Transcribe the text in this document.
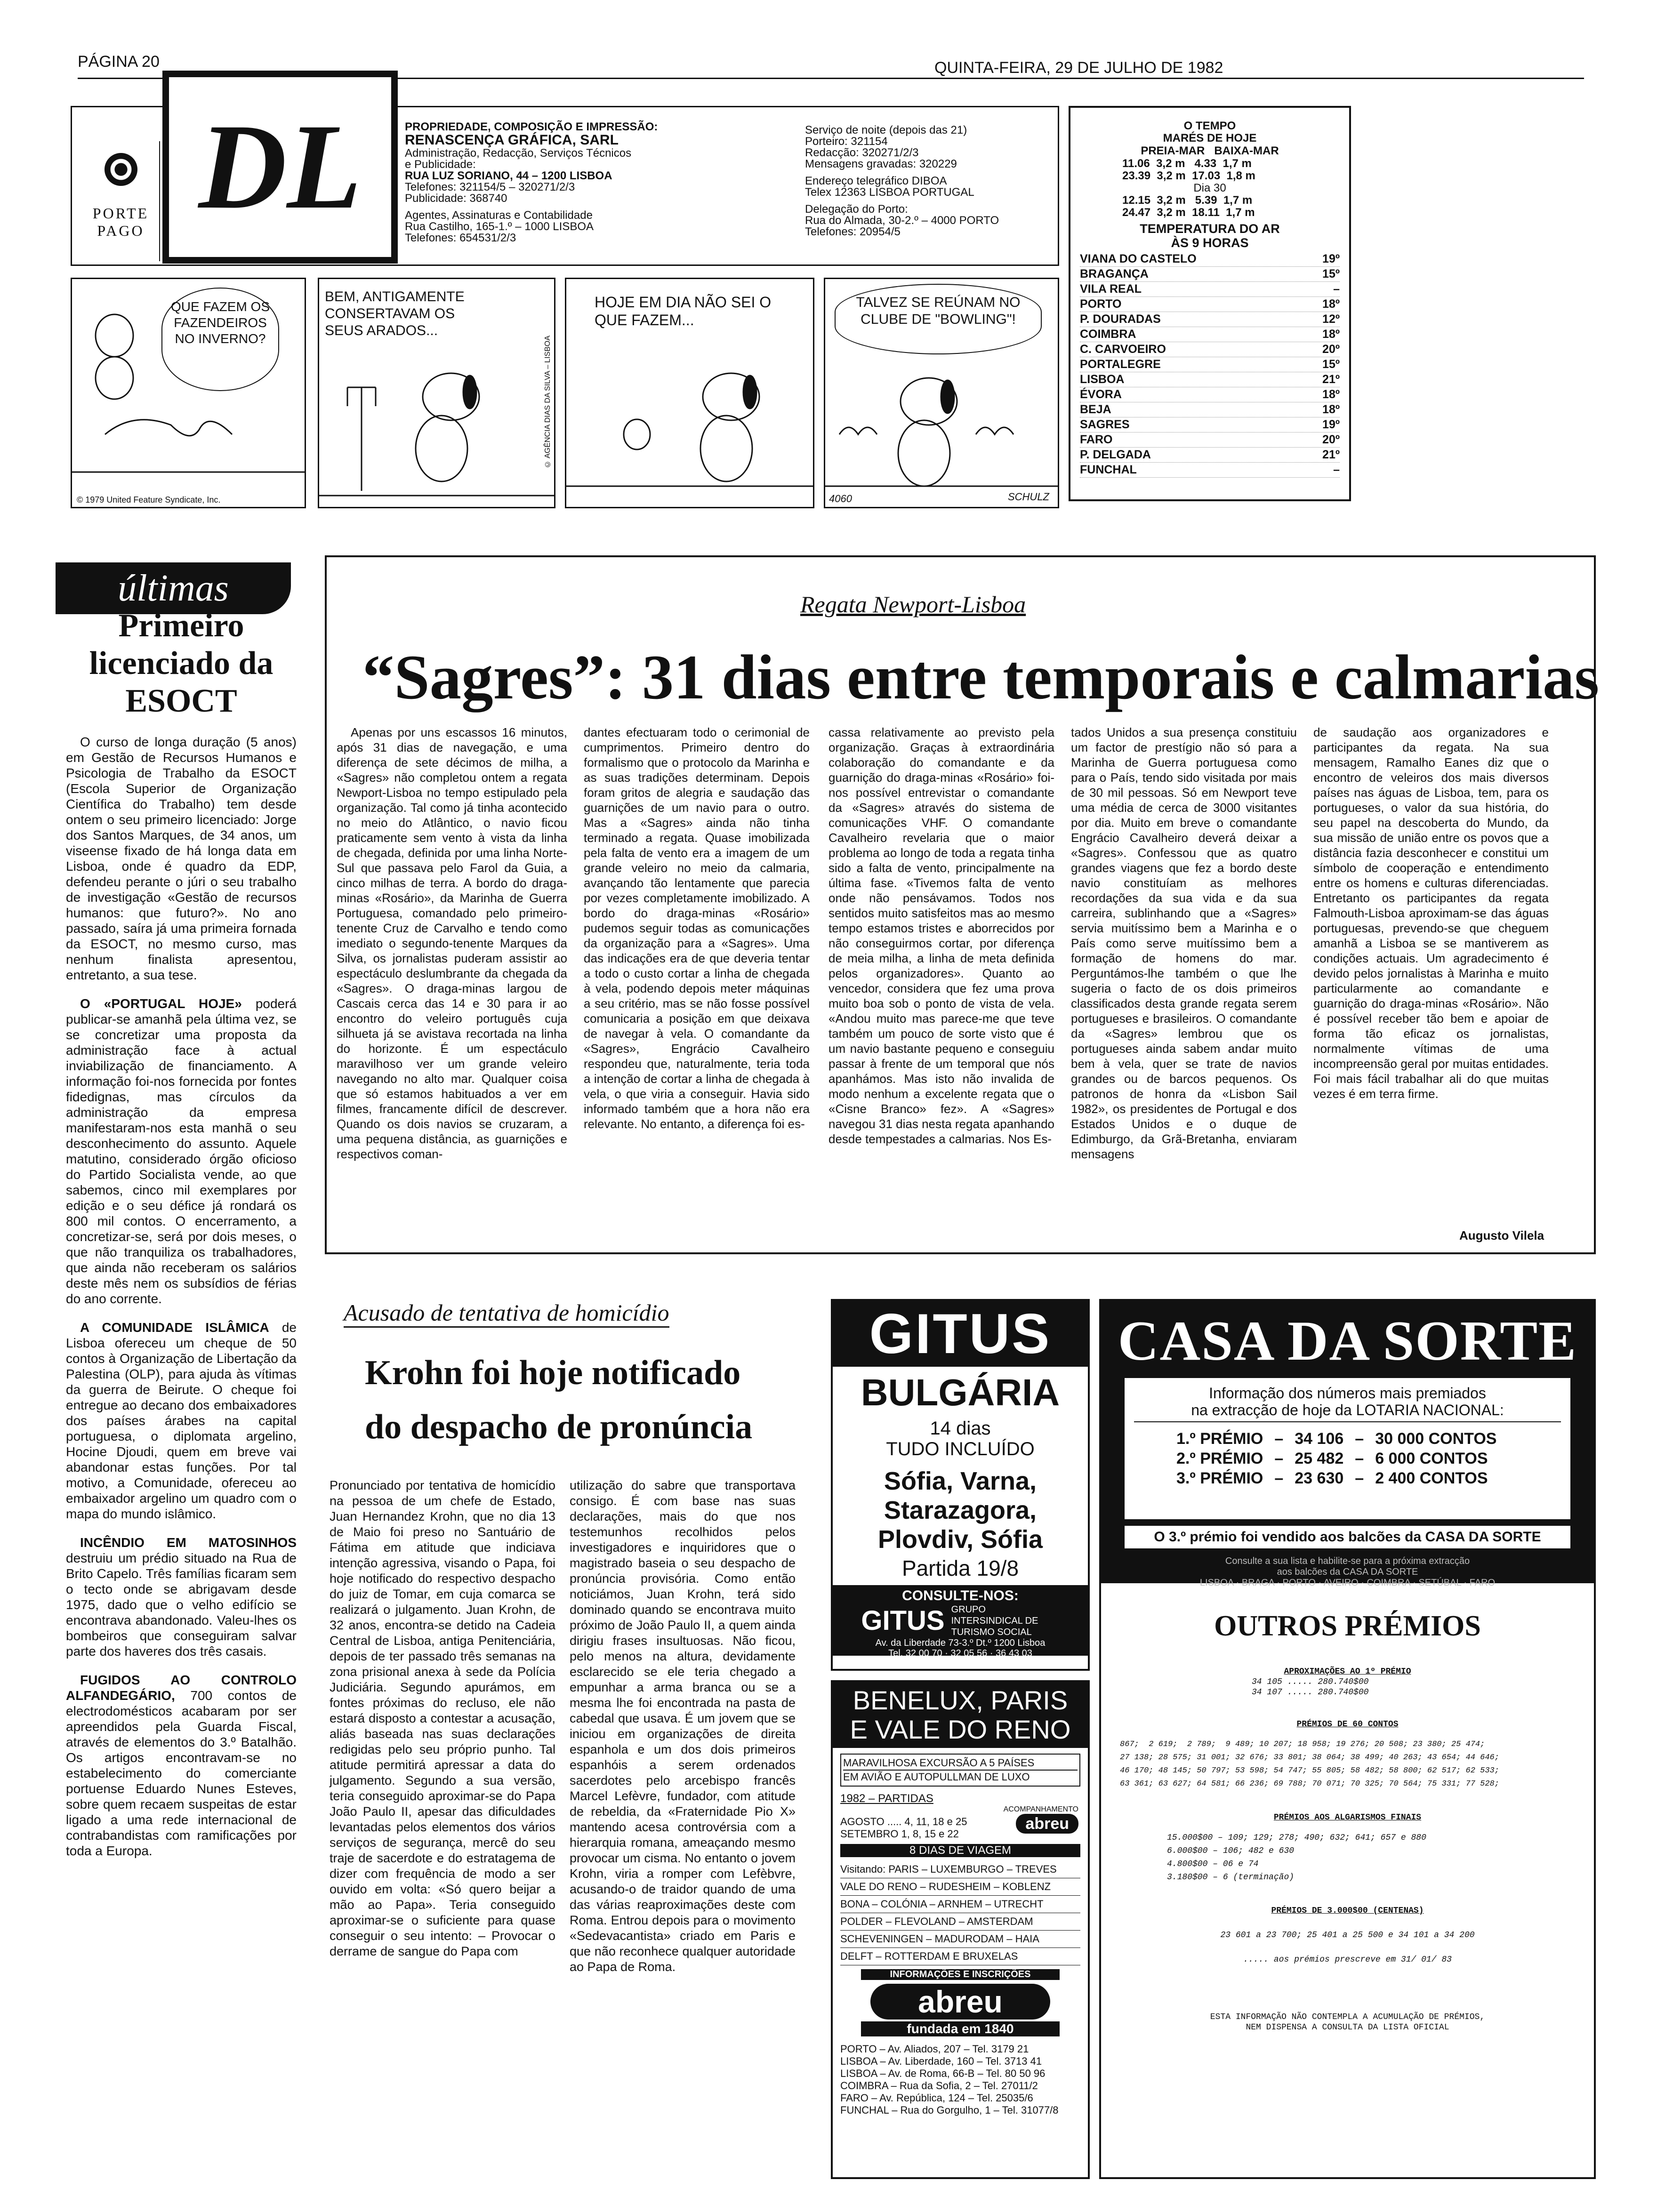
PÁGINA 20	QUINTA-FEIRA, 29 DE JULHO DE 1982
PORTE
PAGO DL	PROPRIEDADE, COMPOSIÇÃO E IMPRESSÃO:
RENASCENÇA GRÁFICA, SARL
Administração, Redacção, Serviços Técnicos
e Publicidade:
RUA LUZ SORIANO, 44 – 1200 LISBOA
Telefones: 321154/5 – 320271/2/3
Publicidade: 368740
Agentes, Assinaturas e Contabilidade
Rua Castilho, 165-1.º – 1000 LISBOA
Telefones: 654531/2/3
Serviço de noite (depois das 21)
Porteiro: 321154
Redacção: 320271/2/3
Mensagens gravadas: 320229
Endereço telegráfico DIBOA
Telex 12363 LISBOA PORTUGAL
Delegação do Porto:
Rua do Almada, 30-2.º – 4000 PORTO
Telefones: 20954/5
O TEMPO
MARÉS DE HOJE
PREIA-MAR   BAIXA-MAR
11.06  3,2 m   4.33  1,7 m
23.39  3,2 m  17.03  1,8 m
Dia 30
12.15  3,2 m   5.39  1,7 m
24.47  3,2 m  18.11  1,7 m
TEMPERATURA DO AR
ÀS 9 HORAS
VIANA DO CASTELO	19º
BRAGANÇA	15º
VILA REAL	–
PORTO	18º
P. DOURADAS	12º
COIMBRA	18º
C. CARVOEIRO	20º
PORTALEGRE	15º
LISBOA	21º
ÉVORA	18º
BEJA	18º
SAGRES	19º
FARO	20º
P. DELGADA	21º
FUNCHAL	–
QUE FAZEM OS FAZENDEIROS NO INVERNO?
© 1979 United Feature Syndicate, Inc.
BEM, ANTIGAMENTE CONSERTAVAM OS SEUS ARADOS...
© AGÊNCIA DIAS DA SILVA – LISBOA
HOJE EM DIA NÃO SEI O QUE FAZEM...
TALVEZ SE REÚNAM NO CLUBE DE "BOWLING"!
4060	SCHULZ
últimas
Primeiro licenciado da ESOCT
O curso de longa duração (5 anos) em Gestão de Recursos Humanos e Psicologia de Trabalho da ESOCT (Escola Superior de Organização Científica do Trabalho) tem desde ontem o seu primeiro licenciado: Jorge dos Santos Marques, de 34 anos, um viseense fixado de há longa data em Lisboa, onde é quadro da EDP, defendeu perante o júri o seu trabalho de investigação «Gestão de recursos humanos: que futuro?». No ano passado, saíra já uma primeira fornada da ESOCT, no mesmo curso, mas nenhum finalista apresentou, entretanto, a sua tese.
O «PORTUGAL HOJE» poderá publicar-se amanhã pela última vez, se se concretizar uma proposta da administração face à actual inviabilização de financiamento. A informação foi-nos fornecida por fontes fidedignas, mas círculos da administração da empresa manifestaram-nos esta manhã o seu desconhecimento do assunto. Aquele matutino, considerado órgão oficioso do Partido Socialista vende, ao que sabemos, cinco mil exemplares por edição e o seu défice já rondará os 800 mil contos. O encerramento, a concretizar-se, será por dois meses, o que não tranquiliza os trabalhadores, que ainda não receberam os salários deste mês nem os subsídios de férias do ano corrente.
A COMUNIDADE ISLÂMICA de Lisboa ofereceu um cheque de 50 contos à Organização de Libertação da Palestina (OLP), para ajuda às vítimas da guerra de Beirute. O cheque foi entregue ao decano dos embaixadores dos países árabes na capital portuguesa, o diplomata argelino, Hocine Djoudi, quem em breve vai abandonar estas funções. Por tal motivo, a Comunidade, ofereceu ao embaixador argelino um quadro com o mapa do mundo islâmico.
INCÊNDIO EM MATOSINHOS destruiu um prédio situado na Rua de Brito Capelo. Três famílias ficaram sem o tecto onde se abrigavam desde 1975, dado que o velho edifício se encontrava abandonado. Valeu-lhes os bombeiros que conseguiram salvar parte dos haveres dos três casais.
FUGIDOS AO CONTROLO ALFANDEGÁRIO, 700 contos de electrodomésticos acabaram por ser apreendidos pela Guarda Fiscal, através de elementos do 3.º Batalhão. Os artigos encontravam-se no estabelecimento do comerciante portuense Eduardo Nunes Esteves, sobre quem recaem suspeitas de estar ligado a uma rede internacional de contrabandistas com ramificações por toda a Europa.
Regata Newport-Lisboa
“Sagres”: 31 dias entre temporais e calmarias
Apenas por uns escassos 16 minutos, após 31 dias de navegação, e uma diferença de sete décimos de milha, a «Sagres» não completou ontem a regata Newport-Lisboa no tempo estipulado pela organização. Tal como já tinha acontecido no meio do Atlântico, o navio ficou praticamente sem vento à vista da linha de chegada, definida por uma linha Norte-Sul que passava pelo Farol da Guia, a cinco milhas de terra. A bordo do draga-minas «Rosário», da Marinha de Guerra Portuguesa, comandado pelo primeiro-tenente Cruz de Carvalho e tendo como imediato o segundo-tenente Marques da Silva, os jornalistas puderam assistir ao espectáculo deslumbrante da chegada da «Sagres». O draga-minas largou de Cascais cerca das 14 e 30 para ir ao encontro do veleiro português cuja silhueta já se avistava recortada na linha do horizonte. É um espectáculo maravilhoso ver um grande veleiro navegando no alto mar. Qualquer coisa que só estamos habituados a ver em filmes, francamente difícil de descrever. Quando os dois navios se cruzaram, a uma pequena distância, as guarnições e respectivos coman-
dantes efectuaram todo o cerimonial de cumprimentos. Primeiro dentro do formalismo que o protocolo da Marinha e as suas tradições determinam. Depois foram gritos de alegria e saudação das guarnições de um navio para o outro. Mas a «Sagres» ainda não tinha terminado a regata. Quase imobilizada pela falta de vento era a imagem de um grande veleiro no meio da calmaria, avançando tão lentamente que parecia por vezes completamente imobilizado. A bordo do draga-minas «Rosário» pudemos seguir todas as comunicações da organização para a «Sagres». Uma das indicações era de que deveria tentar a todo o custo cortar a linha de chegada à vela, podendo depois meter máquinas a seu critério, mas se não fosse possível comunicaria a posição em que deixava de navegar à vela. O comandante da «Sagres», Engrácio Cavalheiro respondeu que, naturalmente, teria toda a intenção de cortar a linha de chegada à vela, o que viria a conseguir. Havia sido informado também que a hora não era relevante. No entanto, a diferença foi es-
cassa relativamente ao previsto pela organização. Graças à extraordinária colaboração do comandante e da guarnição do draga-minas «Rosário» foi-nos possível entrevistar o comandante da «Sagres» através do sistema de comunicações VHF. O comandante Cavalheiro revelaria que o maior problema ao longo de toda a regata tinha sido a falta de vento, principalmente na última fase. «Tivemos falta de vento onde não pensávamos. Todos nos sentidos muito satisfeitos mas ao mesmo tempo estamos tristes e aborrecidos por não conseguirmos cortar, por diferença de meia milha, a linha de meta definida pelos organizadores». Quanto ao vencedor, considera que fez uma prova muito boa sob o ponto de vista de vela. «Andou muito mas parece-me que teve também um pouco de sorte visto que é um navio bastante pequeno e conseguiu passar à frente de um temporal que nós apanhámos. Mas isto não invalida de modo nenhum a excelente regata que o «Cisne Branco» fez». A «Sagres» navegou 31 dias nesta regata apanhando desde tempestades a calmarias. Nos Es-
tados Unidos a sua presença constituiu um factor de prestígio não só para a Marinha de Guerra portuguesa como para o País, tendo sido visitada por mais de 30 mil pessoas. Só em Newport teve uma média de cerca de 3000 visitantes por dia. Muito em breve o comandante Engrácio Cavalheiro deverá deixar a «Sagres». Confessou que as quatro grandes viagens que fez a bordo deste navio constituíam as melhores recordações da sua vida e da sua carreira, sublinhando que a «Sagres» servia muitíssimo bem a Marinha e o País como serve muitíssimo bem a formação de homens do mar. Perguntámos-lhe também o que lhe sugeria o facto de os dois primeiros classificados desta grande regata serem portugueses e brasileiros. O comandante da «Sagres» lembrou que os portugueses ainda sabem andar muito bem à vela, quer se trate de navios grandes ou de barcos pequenos. Os patronos de honra da «Lisbon Sail 1982», os presidentes de Portugal e dos Estados Unidos e o duque de Edimburgo, da Grã-Bretanha, enviaram mensagens
de saudação aos organizadores e participantes da regata. Na sua mensagem, Ramalho Eanes diz que o encontro de veleiros dos mais diversos países nas águas de Lisboa, tem, para os portugueses, o valor da sua história, do seu papel na descoberta do Mundo, da sua missão de união entre os povos que a distância fazia desconhecer e constitui um símbolo de cooperação e entendimento entre os homens e culturas diferenciadas. Entretanto os participantes da regata Falmouth-Lisboa aproximam-se das águas portuguesas, prevendo-se que cheguem amanhã a Lisboa se se mantiverem as condições actuais. Um agradecimento é devido pelos jornalistas à Marinha e muito particularmente ao comandante e guarnição do draga-minas «Rosário». Não é possível receber tão bem e apoiar de forma tão eficaz os jornalistas, normalmente vítimas de uma incompreensão geral por muitas entidades. Foi mais fácil trabalhar ali do que muitas vezes é em terra firme.
Augusto Vilela
Acusado de tentativa de homicídio
Krohn foi hoje notificado
do despacho de pronúncia
Pronunciado por tentativa de homicídio na pessoa de um chefe de Estado, Juan Hernandez Krohn, que no dia 13 de Maio foi preso no Santuário de Fátima em atitude que indiciava intenção agressiva, visando o Papa, foi hoje notificado do respectivo despacho do juiz de Tomar, em cuja comarca se realizará o julgamento. Juan Krohn, de 32 anos, encontra-se detido na Cadeia Central de Lisboa, antiga Penitenciária, depois de ter passado três semanas na zona prisional anexa à sede da Polícia Judiciária. Segundo apurámos, em fontes próximas do recluso, ele não estará disposto a contestar a acusação, aliás baseada nas suas declarações redigidas pelo seu próprio punho. Tal atitude permitirá apressar a data do julgamento. Segundo a sua versão, teria conseguido aproximar-se do Papa João Paulo II, apesar das dificuldades levantadas pelos elementos dos vários serviços de segurança, mercê do seu traje de sacerdote e do estratagema de dizer com frequência de modo a ser ouvido em volta: «Só quero beijar a mão ao Papa». Teria conseguido aproximar-se o suficiente para quase conseguir o seu intento: – Provocar o derrame de sangue do Papa com
utilização do sabre que transportava consigo. É com base nas suas declarações, mais do que nos testemunhos recolhidos pelos investigadores e inquiridores que o magistrado baseia o seu despacho de pronúncia provisória. Como então noticiámos, Juan Krohn, terá sido dominado quando se encontrava muito próximo de João Paulo II, a quem ainda dirigiu frases insultuosas. Não ficou, pelo menos na altura, devidamente esclarecido se ele teria chegado a empunhar a arma branca ou se a mesma lhe foi encontrada na pasta de cabedal que usava. É um jovem que se iniciou em organizações de direita espanhola e um dos dois primeiros espanhóis a serem ordenados sacerdotes pelo arcebispo francês Marcel Lefèvre, fundador, com atitude de rebeldia, da «Fraternidade Pio X» mantendo acesa controvérsia com a hierarquia romana, ameaçando mesmo provocar um cisma. No entanto o jovem Krohn, viria a romper com Lefèbvre, acusando-o de traidor quando de uma das várias reaproximações deste com Roma. Entrou depois para o movimento «Sedevacantista» criado em Paris e que não reconhece qualquer autoridade ao Papa de Roma.
GITUS
BULGÁRIA
14 dias
TUDO INCLUÍDO
Sófia, Varna, Starazagora, Plovdiv, Sófia
Partida 19/8
CONSULTE-NOS:
GITUS GRUPO INTERSINDICAL DE TURISMO SOCIAL
Av. da Liberdade 73-3.º Dt.º 1200 Lisboa
Tel. 32 00 70 · 32 05 56 · 36 43 03
BENELUX, PARIS
E VALE DO RENO
MARAVILHOSA EXCURSÃO A 5 PAÍSES
EM AVIÃO E AUTOPULLMAN DE LUXO
1982 – PARTIDAS
ACOMPANHAMENTO
abreu
AGOSTO ..... 4, 11, 18 e 25
SETEMBRO 1, 8, 15 e 22
8 DIAS DE VIAGEM
Visitando: PARIS – LUXEMBURGO – TREVES
VALE DO RENO – RUDESHEIM – KOBLENZ
BONA – COLÓNIA – ARNHEM – UTRECHT
POLDER – FLEVOLAND – AMSTERDAM
SCHEVENINGEN – MADURODAM – HAIA
DELFT – ROTTERDAM E BRUXELAS
INFORMAÇÕES E INSCRIÇÕES
abreu
fundada em 1840
PORTO – Av. Aliados, 207 – Tel. 3179 21
LISBOA – Av. Liberdade, 160 – Tel. 3713 41
LISBOA – Av. de Roma, 66-B – Tel. 80 50 96
COIMBRA – Rua da Sofia, 2 – Tel. 27011/2
FARO – Av. República, 124 – Tel. 25035/6
FUNCHAL – Rua do Gorgulho, 1 – Tel. 31077/8
CASA DA SORTE
Informação dos números mais premiados
na extracção de hoje da LOTARIA NACIONAL:
1.º PRÉMIO – 34 106 – 30 000 CONTOS
2.º PRÉMIO – 25 482 – 6 000 CONTOS
3.º PRÉMIO – 23 630 – 2 400 CONTOS
O 3.º prémio foi vendido aos balcões da CASA DA SORTE
Consulte a sua lista e habilite-se para a próxima extracção
aos balcões da CASA DA SORTE
LISBOA · BRAGA · PORTO · AVEIRO · COIMBRA · SETÚBAL · FARO
OUTROS PRÉMIOS
APROXIMAÇÕES AO 1º PRÉMIO
34 105 ..... 280.740$00
34 107 ..... 280.740$00
PRÉMIOS DE 60 CONTOS
867;  2 619;  2 789;  9 489; 10 207; 18 958; 19 276; 20 508; 23 380; 25 474;
27 138; 28 575; 31 001; 32 676; 33 801; 38 064; 38 499; 40 263; 43 654; 44 646;
46 170; 48 145; 50 797; 53 598; 54 747; 55 805; 58 482; 58 800; 62 517; 62 533;
63 361; 63 627; 64 581; 66 236; 69 788; 70 071; 70 325; 70 564; 75 331; 77 528;
PRÉMIOS AOS ALGARISMOS FINAIS
15.000$00 – 109; 129; 278; 490; 632; 641; 657 e 880
6.000$00 – 106; 482 e 630
4.800$00 – 06 e 74
3.180$00 – 6 (terminação)
PRÉMIOS DE 3.000$00 (CENTENAS)
23 601 a 23 700; 25 401 a 25 500 e 34 101 a 34 200
..... aos prémios prescreve em 31/ 01/ 83
ESTA INFORMAÇÃO NÃO CONTEMPLA A ACUMULAÇÃO DE PRÉMIOS,
NEM DISPENSA A CONSULTA DA LISTA OFICIAL
